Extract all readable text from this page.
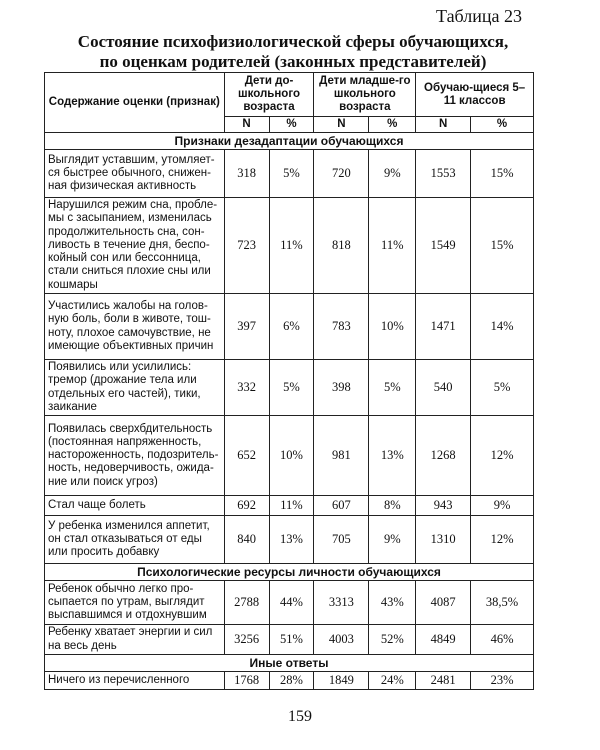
Таблица 23
Состояние психофизиологической сферы обучающихся,
по оценкам родителей (законных представителей)
Содержание оценки (признак)	Дети до-школьного возраста		Дети младше-го школьного возраста		Обучаю-щиеся 5–11 классов	
	N	%	N	%	N	%
Признаки дезадаптации обучающихся						
Выглядит уставшим, утомляет-ся быстрее обычного, снижен-ная физическая активность	318	5%	720	9%	1553	15%
Нарушился режим сна, пробле-мы с засыпанием, изменилась продолжительность сна, сон-ливость в течение дня, беспо-койный сон или бессонница, стали сниться плохие сны или кошмары	723	11%	818	11%	1549	15%
Участились жалобы на голов-ную боль, боли в животе, тош-ноту, плохое самочувствие, не имеющие объективных причин	397	6%	783	10%	1471	14%
Появились или усилились: тремор (дрожание тела или отдельных его частей), тики, заикание	332	5%	398	5%	540	5%
Появилась сверхбдительность (постоянная напряженность, настороженность, подозритель-ность, недоверчивость, ожида-ние или поиск угроз)	652	10%	981	13%	1268	12%
Стал чаще болеть	692	11%	607	8%	943	9%
У ребенка изменился аппетит, он стал отказываться от еды или просить добавку	840	13%	705	9%	1310	12%
Психологические ресурсы личности обучающихся						
Ребенок обычно легко про-сыпается по утрам, выглядит выспавшимся и отдохнувшим	2788	44%	3313	43%	4087	38,5%
Ребенку хватает энергии и сил на весь день	3256	51%	4003	52%	4849	46%
Иные ответы						
Ничего из перечисленного	1768	28%	1849	24%	2481	23%
159
